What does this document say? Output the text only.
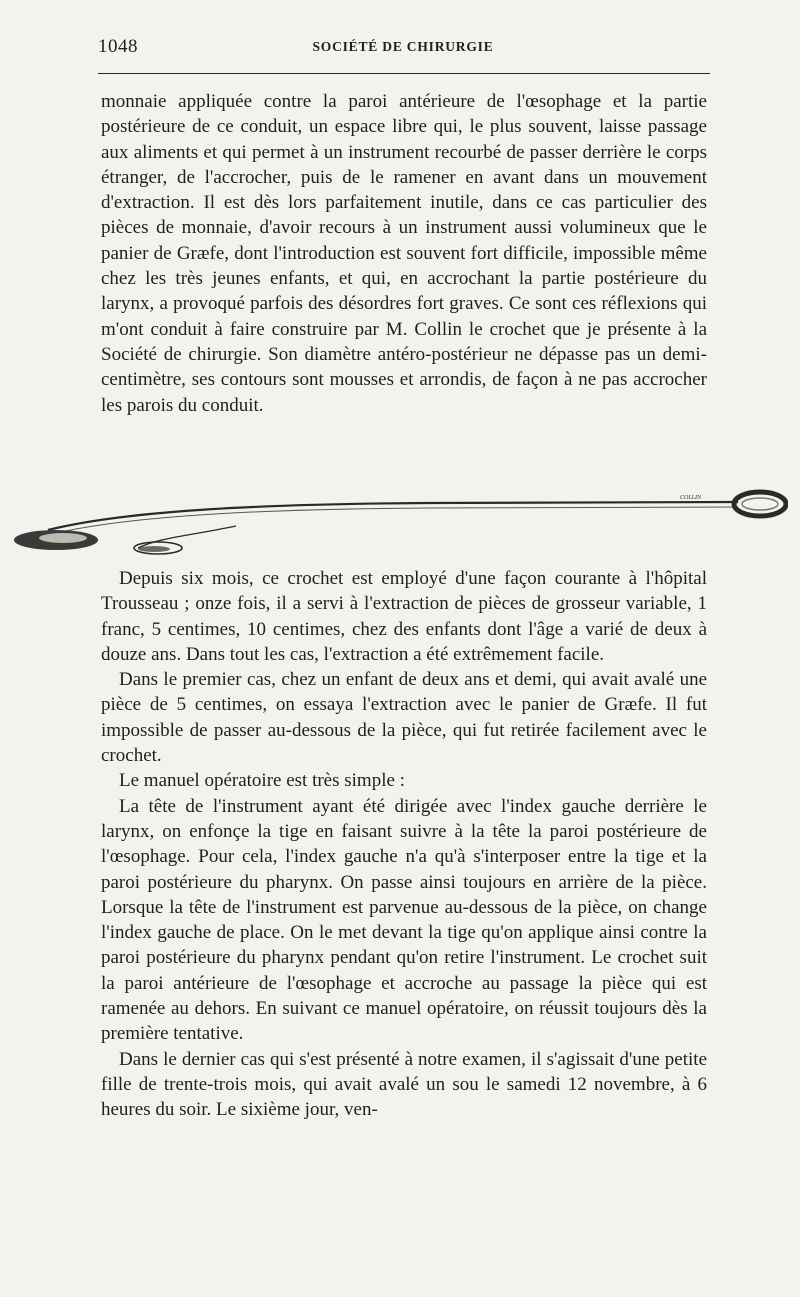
1048	SOCIÉTÉ DE CHIRURGIE

monnaie appliquée contre la paroi antérieure de l'œsophage et la partie postérieure de ce conduit, un espace libre qui, le plus souvent, laisse passage aux aliments et qui permet à un instrument recourbé de passer derrière le corps étranger, de l'accrocher, puis de le ramener en avant dans un mouvement d'extraction. Il est dès lors parfaitement inutile, dans ce cas particulier des pièces de monnaie, d'avoir recours à un instrument aussi volumineux que le panier de Græfe, dont l'introduction est souvent fort difficile, impossible même chez les très jeunes enfants, et qui, en accrochant la partie postérieure du larynx, a provoqué parfois des désordres fort graves. Ce sont ces réflexions qui m'ont conduit à faire construire par M. Collin le crochet que je présente à la Société de chirurgie. Son diamètre antéro-postérieur ne dépasse pas un demi-centimètre, ses contours sont mousses et arrondis, de façon à ne pas accrocher les parois du conduit.

COLLIN

Depuis six mois, ce crochet est employé d'une façon courante à l'hôpital Trousseau ; onze fois, il a servi à l'extraction de pièces de grosseur variable, 1 franc, 5 centimes, 10 centimes, chez des enfants dont l'âge a varié de deux à douze ans. Dans tout les cas, l'extraction a été extrêmement facile.

Dans le premier cas, chez un enfant de deux ans et demi, qui avait avalé une pièce de 5 centimes, on essaya l'extraction avec le panier de Græfe. Il fut impossible de passer au-dessous de la pièce, qui fut retirée facilement avec le crochet.

Le manuel opératoire est très simple :

La tête de l'instrument ayant été dirigée avec l'index gauche derrière le larynx, on enfonçe la tige en faisant suivre à la tête la paroi postérieure de l'œsophage. Pour cela, l'index gauche n'a qu'à s'interposer entre la tige et la paroi postérieure du pharynx. On passe ainsi toujours en arrière de la pièce. Lorsque la tête de l'instrument est parvenue au-dessous de la pièce, on change l'index gauche de place. On le met devant la tige qu'on applique ainsi contre la paroi postérieure du pharynx pendant qu'on retire l'instrument. Le crochet suit la paroi antérieure de l'œsophage et accroche au passage la pièce qui est ramenée au dehors. En suivant ce manuel opératoire, on réussit toujours dès la première tentative.

Dans le dernier cas qui s'est présenté à notre examen, il s'agissait d'une petite fille de trente-trois mois, qui avait avalé un sou le samedi 12 novembre, à 6 heures du soir. Le sixième jour, ven-
